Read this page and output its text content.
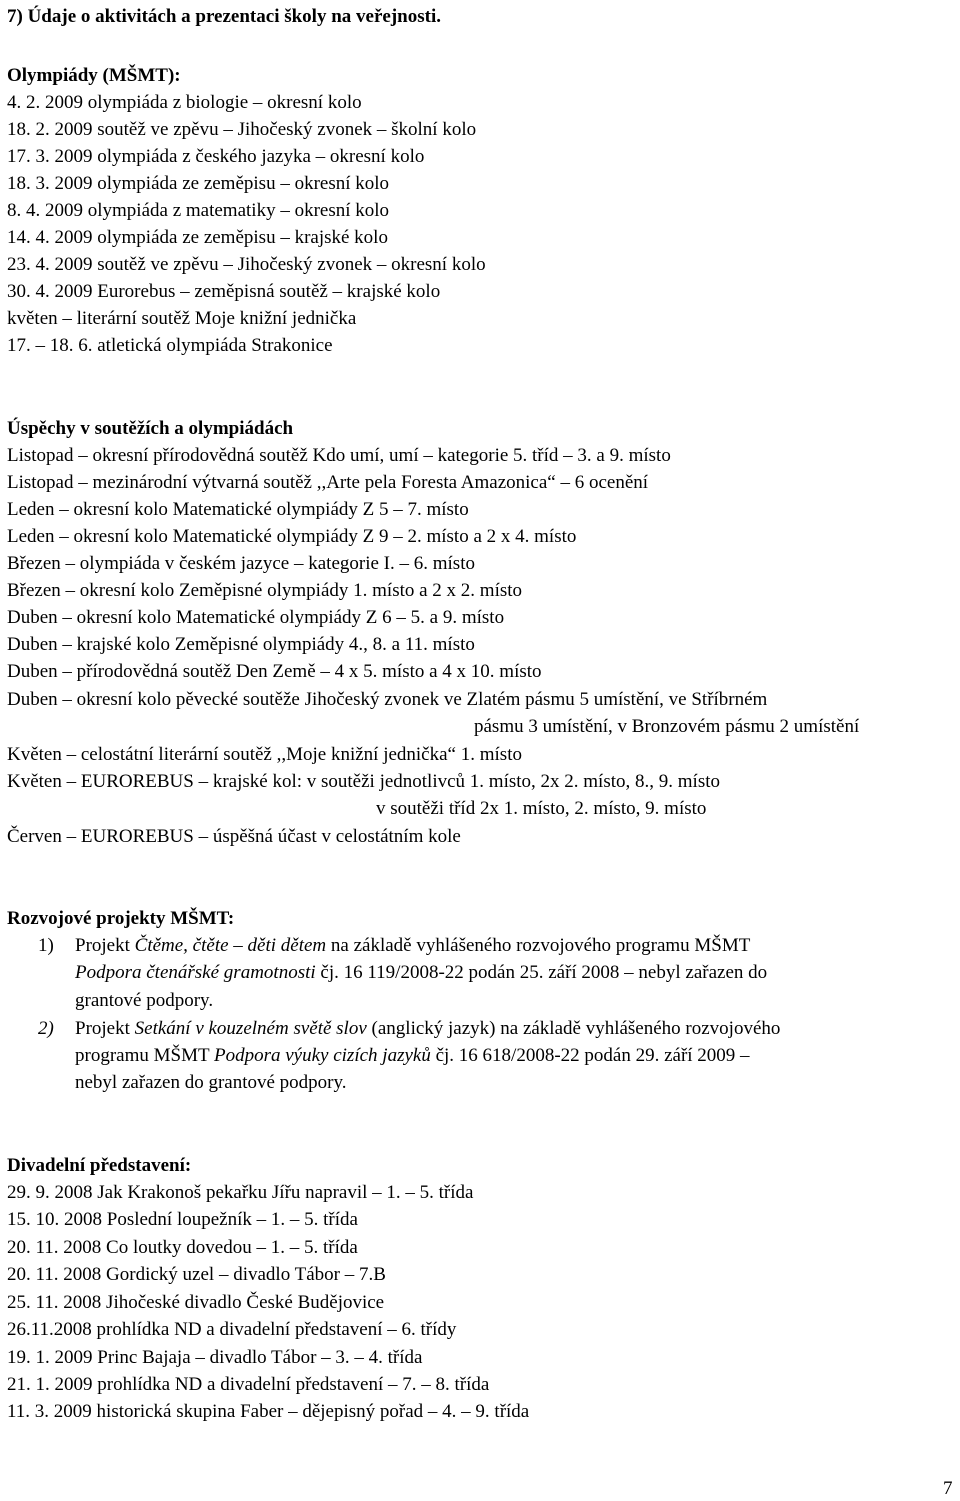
7) Údaje o aktivitách a prezentaci školy na veřejnosti.
Olympiády (MŠMT):
4. 2. 2009 olympiáda z biologie – okresní kolo
18. 2. 2009 soutěž ve zpěvu – Jihočeský zvonek – školní kolo
17. 3. 2009 olympiáda z českého jazyka – okresní kolo
18. 3. 2009 olympiáda ze zeměpisu – okresní kolo
8. 4. 2009 olympiáda z matematiky – okresní kolo
14. 4. 2009 olympiáda ze zeměpisu – krajské kolo
23. 4. 2009 soutěž ve zpěvu – Jihočeský zvonek – okresní kolo
30. 4. 2009 Eurorebus – zeměpisná soutěž – krajské kolo
květen – literární soutěž Moje knižní jednička
17. – 18. 6. atletická olympiáda Strakonice
Úspěchy v soutěžích a olympiádách
Listopad – okresní přírodovědná soutěž Kdo umí, umí – kategorie 5. tříd – 3. a 9. místo
Listopad – mezinárodní výtvarná soutěž ,,Arte pela Foresta Amazonica“ – 6 ocenění
Leden – okresní kolo Matematické olympiády Z 5 – 7. místo
Leden – okresní kolo Matematické olympiády Z 9 – 2. místo a 2 x 4. místo
Březen – olympiáda v českém jazyce – kategorie I. – 6. místo
Březen – okresní kolo Zeměpisné olympiády 1. místo a 2 x 2. místo
Duben – okresní kolo Matematické olympiády Z 6 – 5. a 9. místo
Duben – krajské kolo Zeměpisné olympiády 4., 8. a 11. místo
Duben – přírodovědná soutěž Den Země – 4 x 5. místo a 4 x 10. místo
Duben – okresní kolo pěvecké soutěže Jihočeský zvonek ve Zlatém pásmu 5 umístění, ve Stříbrném
pásmu 3 umístění, v Bronzovém pásmu 2 umístění
Květen – celostátní literární soutěž ,,Moje knižní jednička“ 1. místo
Květen – EUROREBUS – krajské kol: v soutěži jednotlivců 1. místo, 2x 2. místo, 8., 9. místo
v soutěži tříd 2x 1. místo, 2. místo, 9. místo
Červen – EUROREBUS – úspěšná účast v celostátním kole
Rozvojové projekty MŠMT:
1) Projekt Čtěme, čtěte – děti dětem na základě vyhlášeného rozvojového programu MŠMT
Podpora čtenářské gramotnosti čj. 16 119/2008-22 podán 25. září 2008 – nebyl zařazen do
grantové podpory.
2) Projekt Setkání v kouzelném světě slov (anglický jazyk) na základě vyhlášeného rozvojového
programu MŠMT Podpora výuky cizích jazyků čj. 16 618/2008-22 podán 29. září 2009 –
nebyl zařazen do grantové podpory.
Divadelní představení:
29. 9. 2008 Jak Krakonoš pekařku Jířu napravil – 1. – 5. třída
15. 10. 2008 Poslední loupežník – 1. – 5. třída
20. 11. 2008 Co loutky dovedou – 1. – 5. třída
20. 11. 2008 Gordický uzel – divadlo Tábor – 7.B
25. 11. 2008 Jihočeské divadlo České Budějovice
26.11.2008 prohlídka ND a divadelní představení – 6. třídy
19. 1. 2009 Princ Bajaja – divadlo Tábor – 3. – 4. třída
21. 1. 2009 prohlídka ND a divadelní představení – 7. – 8. třída
11. 3. 2009 historická skupina Faber – dějepisný pořad – 4. – 9. třída
7
